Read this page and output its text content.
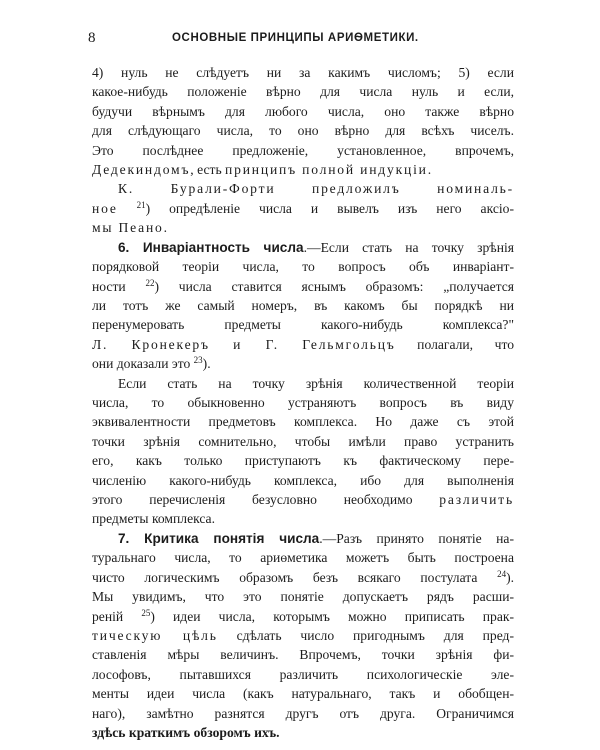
8	ОСНОВНЫЕ ПРИНЦИПЫ АРИѲМЕТИКИ.
4) нуль не слѣдуетъ ни за какимъ числомъ; 5) если
какое-нибудь положеніе вѣрно для числа нуль и если,
будучи вѣрнымъ для любого числа, оно также вѣрно
для слѣдующаго числа, то оно вѣрно для всѣхъ чиселъ.
Это послѣднее предложеніе, установленное, впрочемъ,
Дедекиндомъ, есть принципъ полной индукціи.
К. Бурали-Форти предложилъ номиналь-
ное $^{21}$) опредѣленіе числа и вывелъ изъ него аксіо-
мы Пеано.
6. Инваріантность числа.—Если стать на точку зрѣнія
порядковой теоріи числа, то вопросъ объ инваріант-
ности $^{22}$) числа ставится яснымъ образомъ: „получается
ли тотъ же самый номеръ, въ какомъ бы порядкѣ ни
перенумеровать предметы какого-нибудь комплекса?"
Л. Кронекеръ и Г. Гельмгольцъ полагали, что
они доказали это $^{23}$).
Если стать на точку зрѣнія количественной теоріи
числа, то обыкновенно устраняютъ вопросъ въ виду
эквивалентности предметовъ комплекса. Но даже съ этой
точки зрѣнія сомнительно, чтобы имѣли право устранить
его, какъ только приступаютъ къ фактическому пере-
численію какого-нибудь комплекса, ибо для выполненія
этого перечисленія безусловно необходимо различить
предметы комплекса.
7. Критика понятія числа.—Разъ принято понятіе на-
туральнаго числа, то ариѳметика можетъ быть построена
чисто логическимъ образомъ безъ всякаго постулата $^{24}$).
Мы увидимъ, что это понятіе допускаетъ рядъ расши-
реній $^{25}$) идеи числа, которымъ можно приписать прак-
тическую цѣль сдѣлать число пригоднымъ для пред-
ставленія мѣры величинъ. Впрочемъ, точки зрѣнія фи-
лософовъ, пытавшихся различить психологическіе эле-
менты идеи числа (какъ натуральнаго, такъ и обобщен-
наго), замѣтно разнятся другъ отъ друга. Ограничимся
здѣсь краткимъ обзоромъ ихъ.
